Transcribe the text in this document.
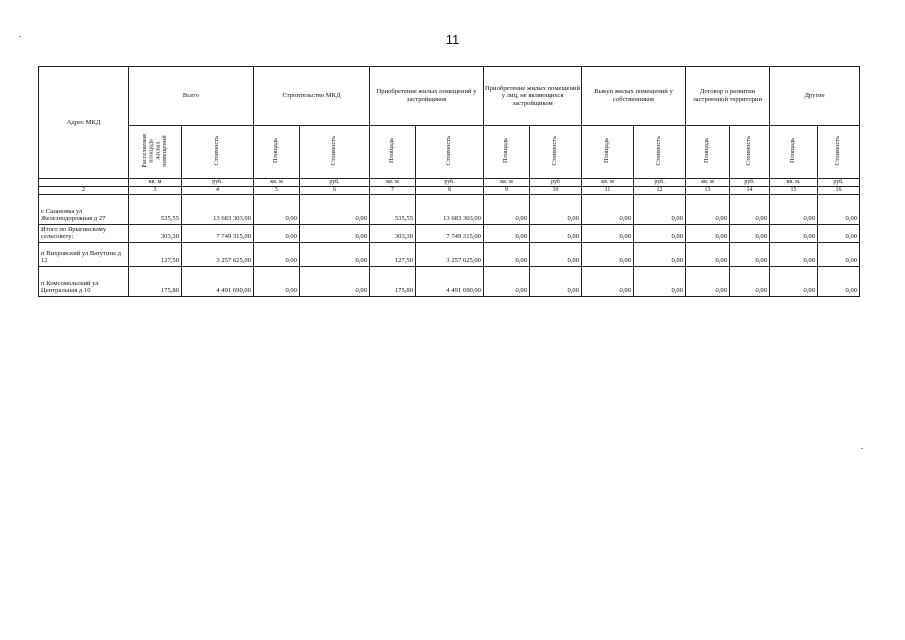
11
Адрес МКД	Всего		Строительство МКД		Приобретение жилых помещений у застройщиков		Приобретение жилых помещений у лиц, не являющихся застройщиком		Выкуп жилых помещений у собственников		Договор о развитии застроенной территории		Другие	
	Расселяемая
площадь
жилых
помещений	Стоимость	Площадь	Стоимость	Площадь	Стоимость	Площадь	Стоимость	Площадь	Стоимость	Площадь	Стоимость	Площадь	Стоимость
	кв. м	руб.	кв. м	руб.	кв. м	руб.	кв. м	руб	кв. м	руб.	кв. м	руб.	кв. м.	руб.
2	3	4	5	6	7	8	9	10	11	12	13	14	15	16
с Сазановка ул Железнодорожная д 27	535,55	13 683 303,00	0,00	0,00	535,55	13 683 303,00	0,00	0,00	0,00	0,00	0,00	0,00	0,00	0,00
Итого по Ярыгинскому сельсовету:	303,30	7 749 315,00	0,00	0,00	303,30	7 749 315,00	0,00	0,00	0,00	0,00	0,00	0,00	0,00	0,00
п Вихровский ул Ватутина д 12	127,50	3 257 625,00	0,00	0,00	127,50	3 257 625,00	0,00	0,00	0,00	0,00	0,00	0,00	0,00	0,00
п Комсомольский ул Центральная д 10	175,80	4 491 690,00	0,00	0,00	175,80	4 491 690,00	0,00	0,00	0,00	0,00	0,00	0,00	0,00	0,00
